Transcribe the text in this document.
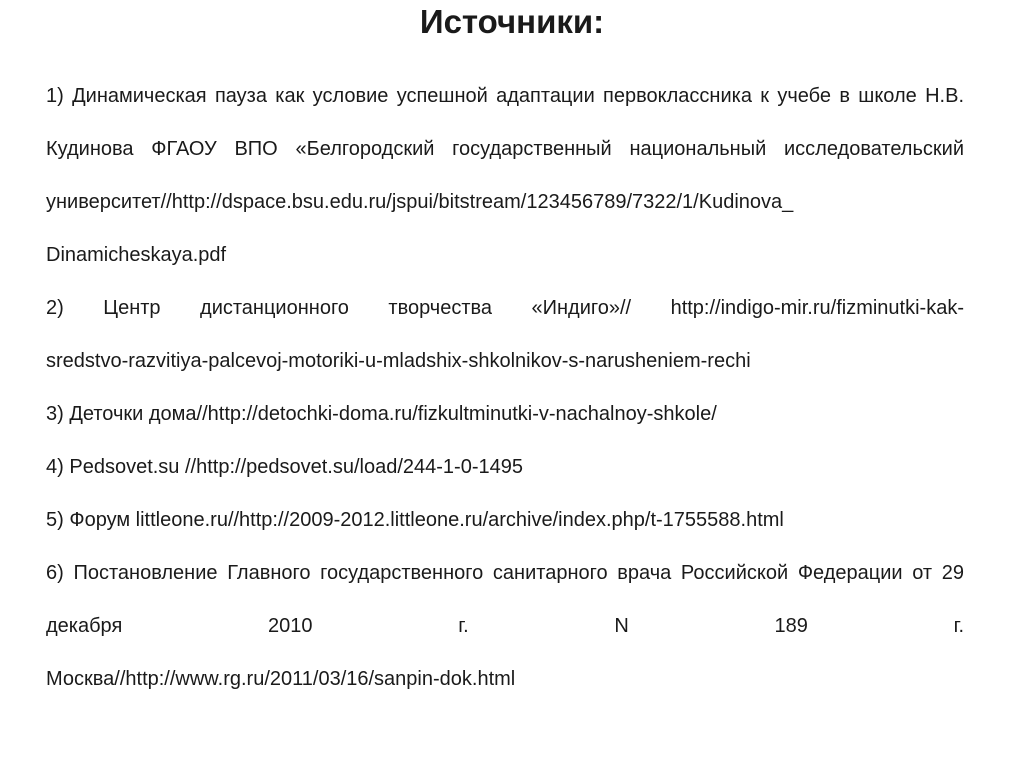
Источники:
1) Динамическая пауза как условие успешной адаптации первоклассника к учебе в школе Н.В. Кудинова ФГАОУ ВПО «Белгородский государственный национальный исследовательский
университет//http://dspace.bsu.edu.ru/jspui/bitstream/123456789/7322/1/Kudinova_
Dinamicheskaya.pdf
2) Центр дистанционного творчества «Индиго»// http://indigo-mir.ru/fizminutki-kak-
sredstvo-razvitiya-palcevoj-motoriki-u-mladshix-shkolnikov-s-narusheniem-rechi
3) Деточки дома//http://detochki-doma.ru/fizkultminutki-v-nachalnoy-shkole/
4) Pedsovet.su //http://pedsovet.su/load/244-1-0-1495
5) Форум littleone.ru//http://2009-2012.littleone.ru/archive/index.php/t-1755588.html
6) Постановление Главного государственного санитарного врача Российской Федерации от 29 декабря 2010 г. N 189 г.
Москва//http://www.rg.ru/2011/03/16/sanpin-dok.html
